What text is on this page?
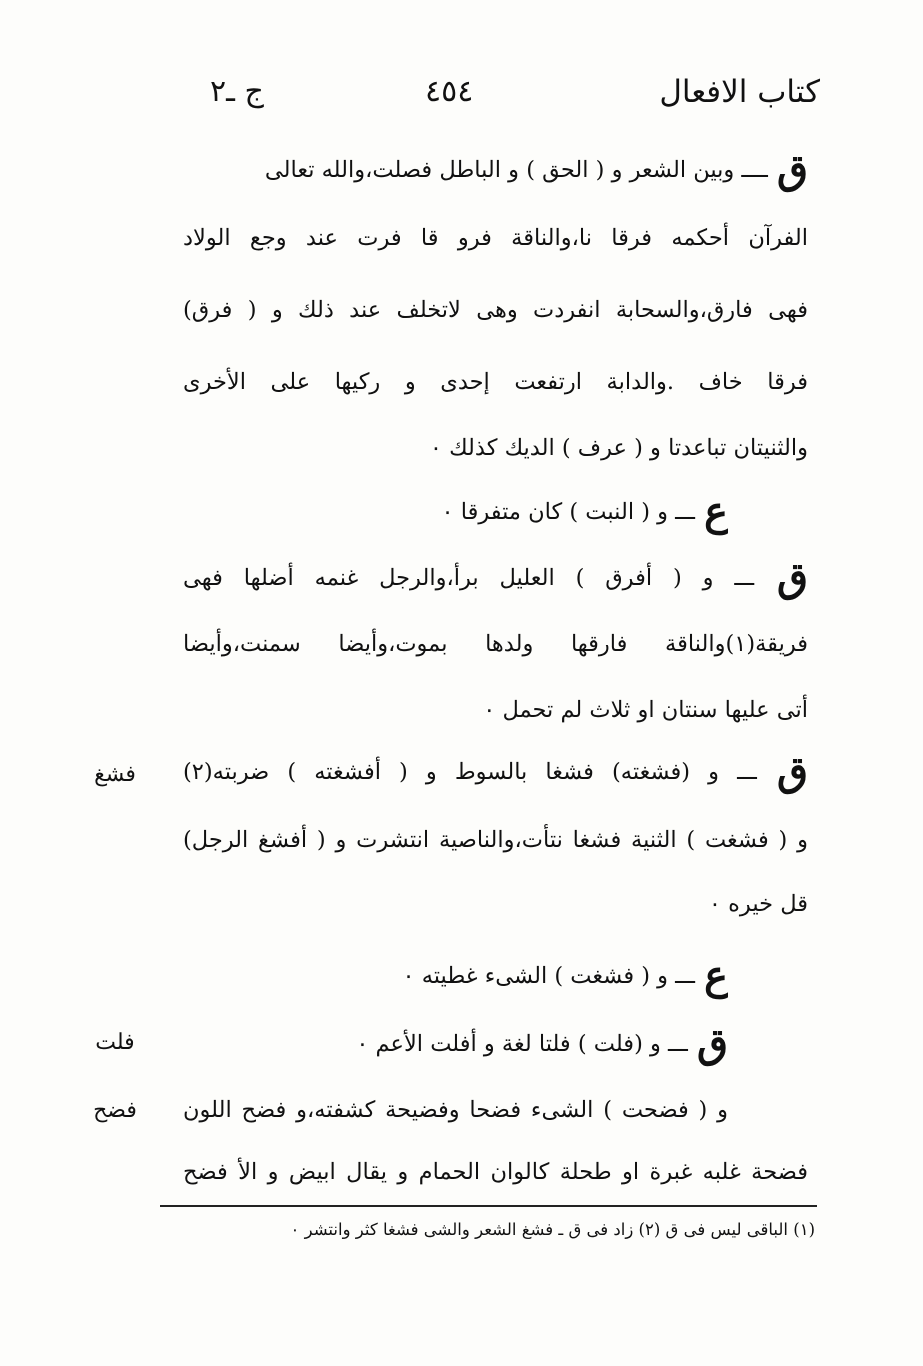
كتاب الافعال
٤٥٤
ج ـ٢
ق ــــ وبين الشعر و ( الحق ) و الباطل فصلت،والله تعالى
الفرآن أحكمه فرقا نا،والناقة فرو قا فرت عند وجع الولاد
فهى فارق،والسحابة انفردت وهى لاتخلف عند ذلك و ( فرق)
فرقا خاف .والدابة ارتفعت إحدى و ركيها على الأخرى
والثنيتان تباعدتا و ( عرف ) الديك كذلك ٠
ع ـــ و ( النبت ) كان متفرقا ٠
ق ـــ و ( أفرق ) العليل برأ،والرجل غنمه أضلها فهى
فريقة(١)والناقة فارقها ولدها بموت،وأيضا سمنت،وأيضا
أتى عليها سنتان او ثلاث لم تحمل ٠
ق ـــ و (فشغته) فشغا بالسوط و ( أفشغته ) ضربته(٢)
و ( فشغت ) الثنية فشغا نتأت،والناصية انتشرت و ( أفشغ الرجل)
قل خيره ٠
ع ـــ و ( فشغت ) الشىء غطيته ٠
ق ـــ و (فلت ) فلتا لغة و أفلت الأعم ٠
و ( فضحت ) الشىء فضحا وفضيحة كشفته،و فضح اللون
فضحة غلبه غبرة او طحلة كالوان الحمام و يقال ابيض و الأ فضح
فشغ
فلت
فضح
(١) الباقى ليس فى ق (٢) زاد فى ق ـ فشغ الشعر والشى فشغا كثر وانتشر ٠
